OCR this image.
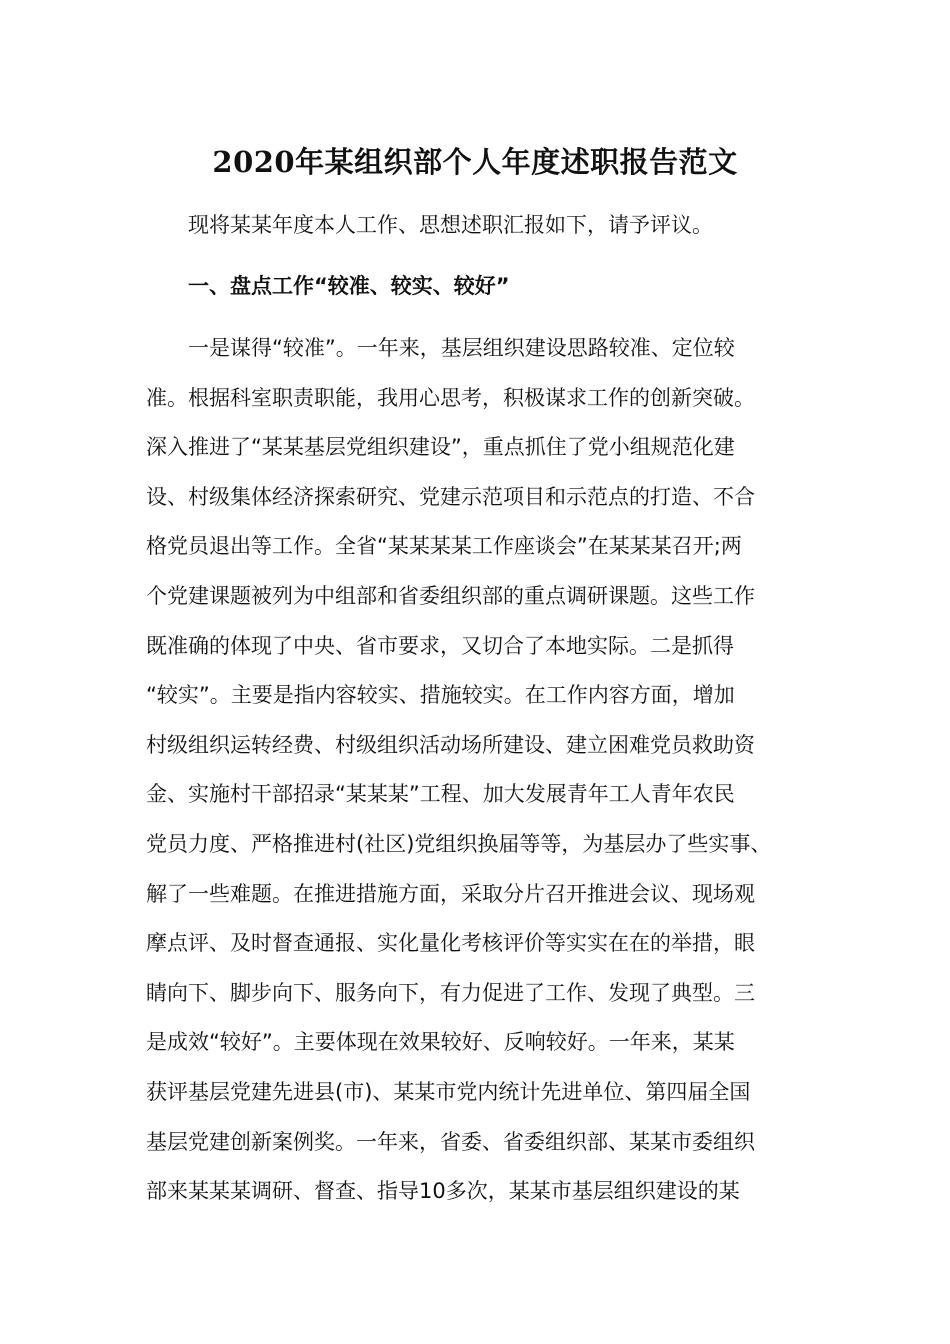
2020年某组织部个人年度述职报告范文
现将某某年度本人工作、思想述职汇报如下，请予评议。
一、盘点工作“较准、较实、较好”
一是谋得“较准”。一年来，基层组织建设思路较准、定位较
准。根据科室职责职能，我用心思考，积极谋求工作的创新突破。
深入推进了“某某基层党组织建设”，重点抓住了党小组规范化建
设、村级集体经济探索研究、党建示范项目和示范点的打造、不合
格党员退出等工作。全省“某某某某工作座谈会”在某某某召开;两
个党建课题被列为中组部和省委组织部的重点调研课题。这些工作
既准确的体现了中央、省市要求，又切合了本地实际。二是抓得
“较实”。主要是指内容较实、措施较实。在工作内容方面，增加
村级组织运转经费、村级组织活动场所建设、建立困难党员救助资
金、实施村干部招录“某某某”工程、加大发展青年工人青年农民
党员力度、严格推进村(社区)党组织换届等等，为基层办了些实事、
解了一些难题。在推进措施方面，采取分片召开推进会议、现场观
摩点评、及时督查通报、实化量化考核评价等实实在在的举措，眼
睛向下、脚步向下、服务向下，有力促进了工作、发现了典型。三
是成效“较好”。主要体现在效果较好、反响较好。一年来，某某
获评基层党建先进县(市)、某某市党内统计先进单位、第四届全国
基层党建创新案例奖。一年来，省委、省委组织部、某某市委组织
部来某某某调研、督查、指导10多次，某某市基层组织建设的某
